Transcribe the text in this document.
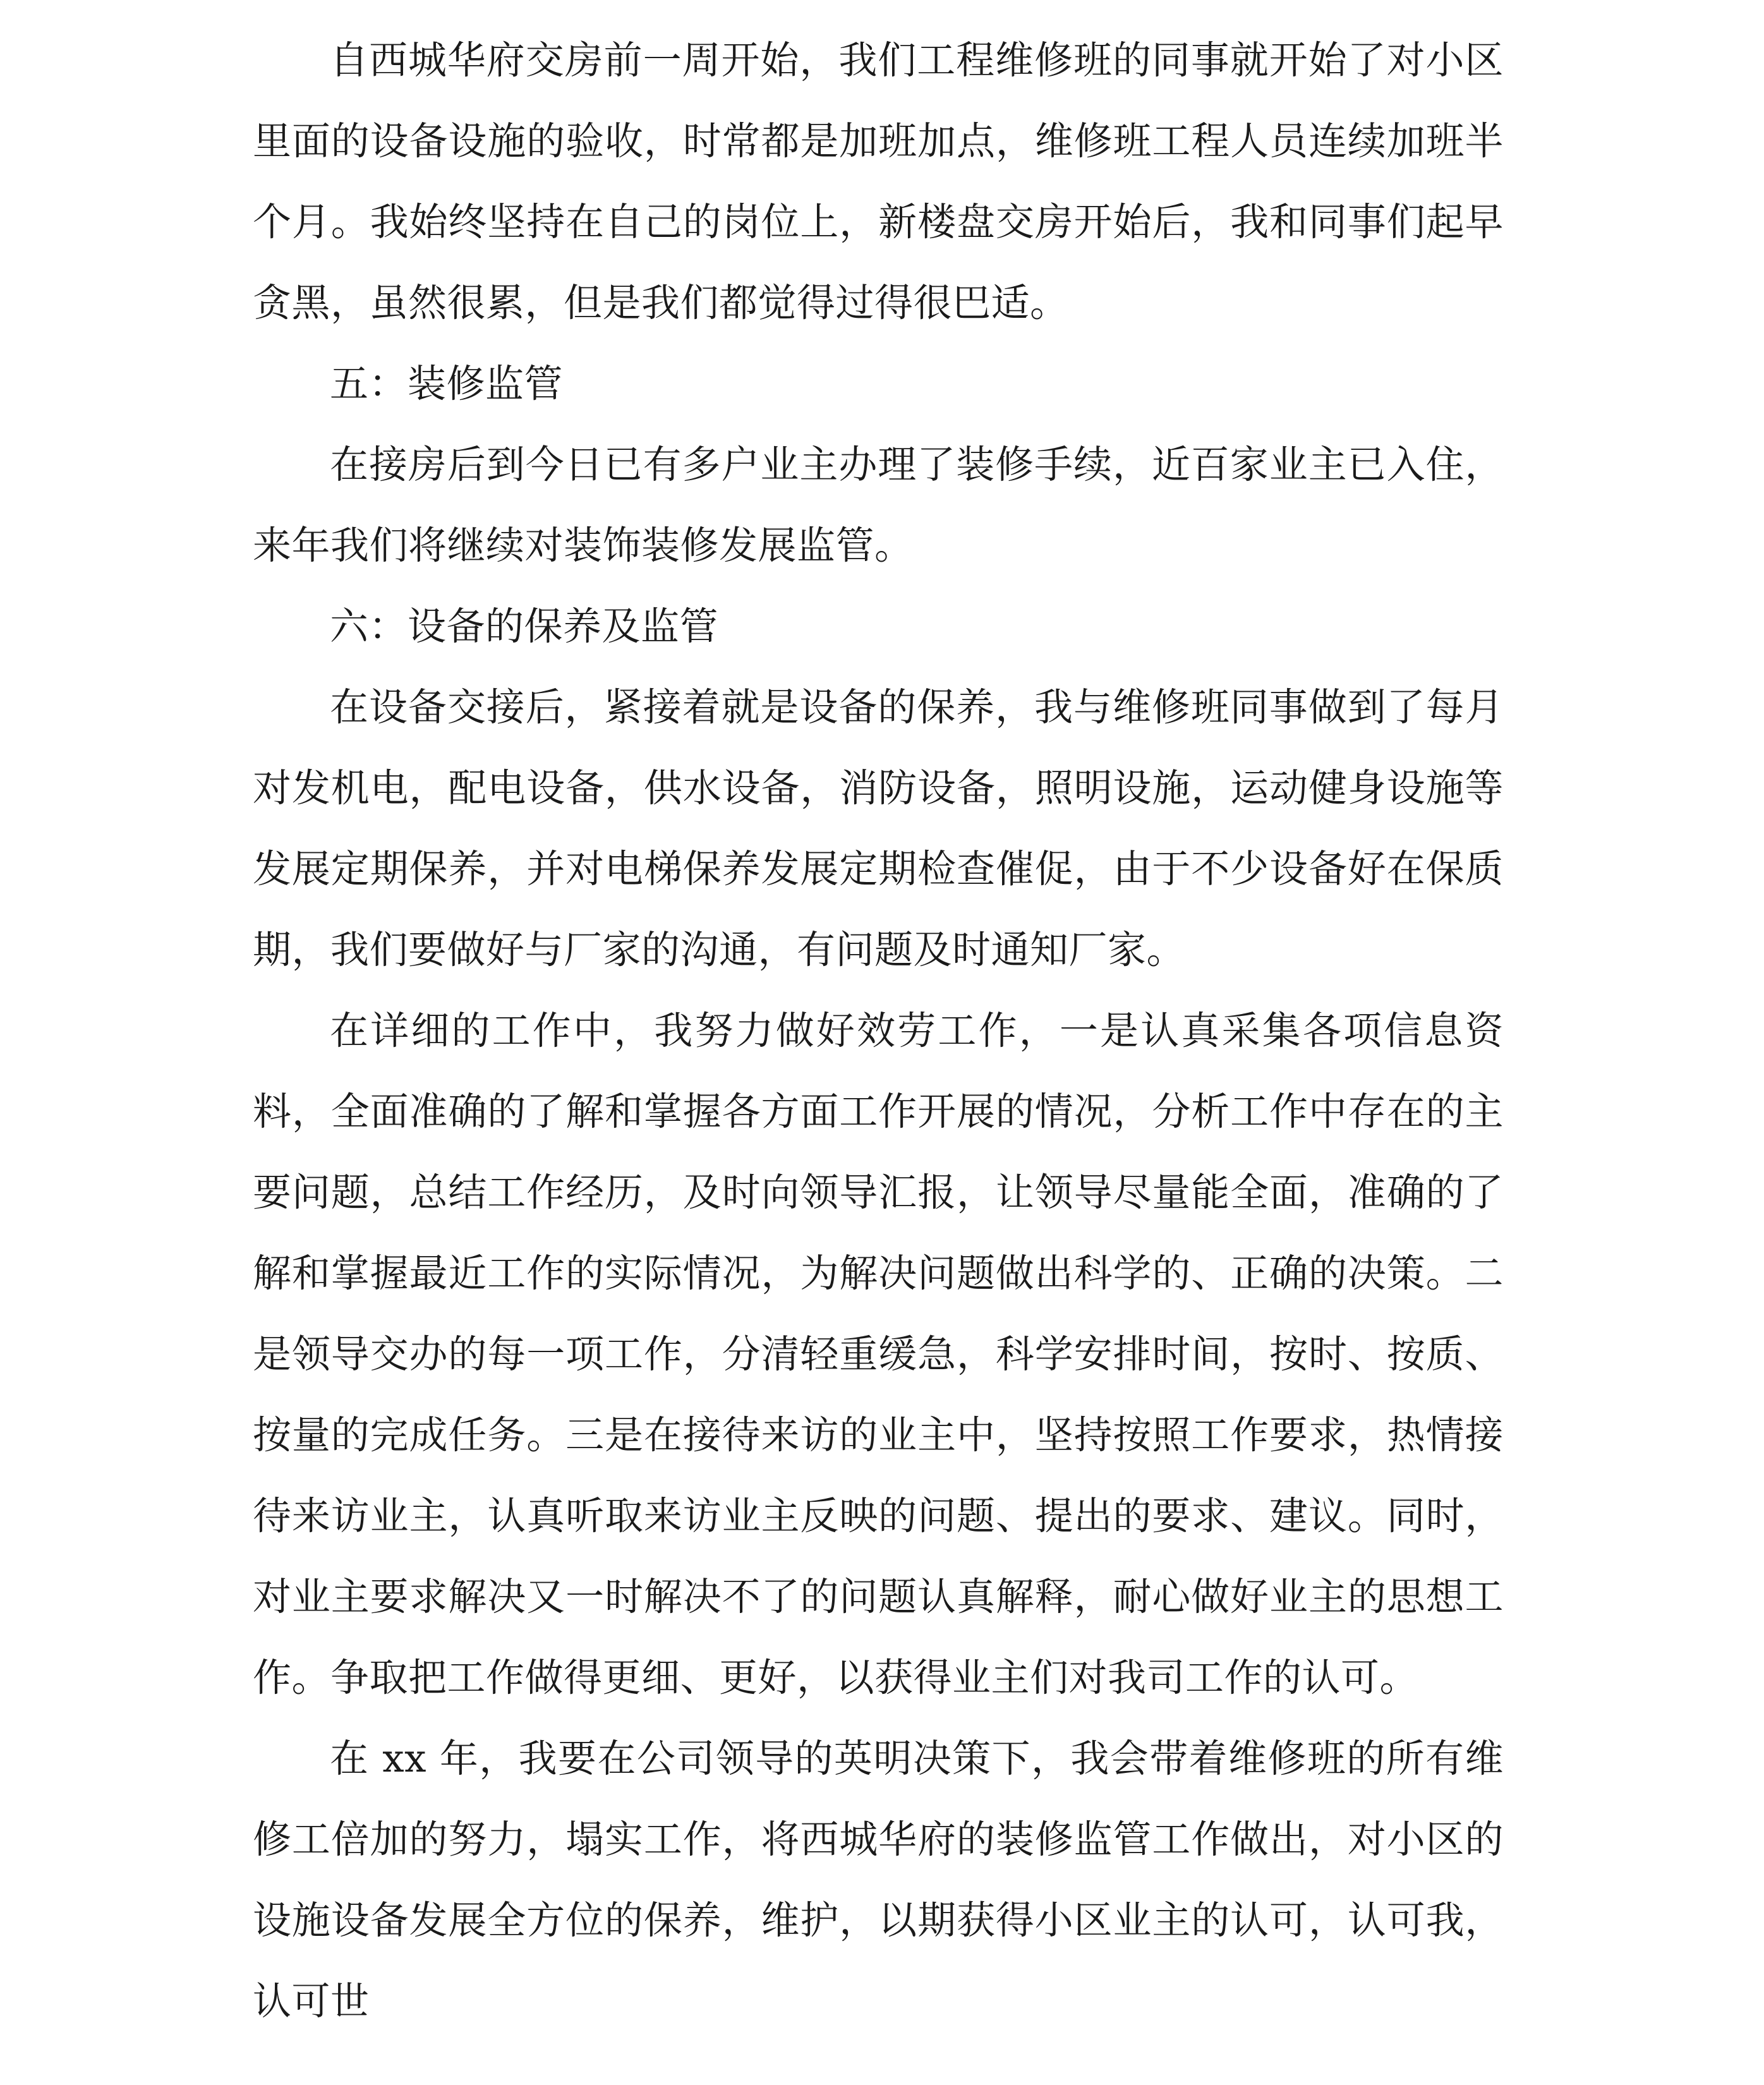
自西城华府交房前一周开始，我们工程维修班的同事就开始了对小区里面的设备设施的验收，时常都是加班加点，维修班工程人员连续加班半个月。我始终坚持在自己的岗位上，新楼盘交房开始后，我和同事们起早贪黑，虽然很累，但是我们都觉得过得很巴适。

五：装修监管

在接房后到今日已有多户业主办理了装修手续，近百家业主已入住，来年我们将继续对装饰装修发展监管。

六：设备的保养及监管

在设备交接后，紧接着就是设备的保养，我与维修班同事做到了每月对发机电，配电设备，供水设备，消防设备，照明设施，运动健身设施等发展定期保养，并对电梯保养发展定期检查催促，由于不少设备好在保质期，我们要做好与厂家的沟通，有问题及时通知厂家。

在详细的工作中，我努力做好效劳工作，一是认真采集各项信息资料，全面准确的了解和掌握各方面工作开展的情况，分析工作中存在的主要问题，总结工作经历，及时向领导汇报，让领导尽量能全面，准确的了解和掌握最近工作的实际情况，为解决问题做出科学的、正确的决策。二是领导交办的每一项工作，分清轻重缓急，科学安排时间，按时、按质、按量的完成任务。三是在接待来访的业主中，坚持按照工作要求，热情接待来访业主，认真听取来访业主反映的问题、提出的要求、建议。同时，对业主要求解决又一时解决不了的问题认真解释，耐心做好业主的思想工作。争取把工作做得更细、更好，以获得业主们对我司工作的认可。

在 xx 年，我要在公司领导的英明决策下，我会带着维修班的所有维修工倍加的努力，塌实工作，将西城华府的装修监管工作做出，对小区的设施设备发展全方位的保养，维护，以期获得小区业主的认可，认可我，认可世
